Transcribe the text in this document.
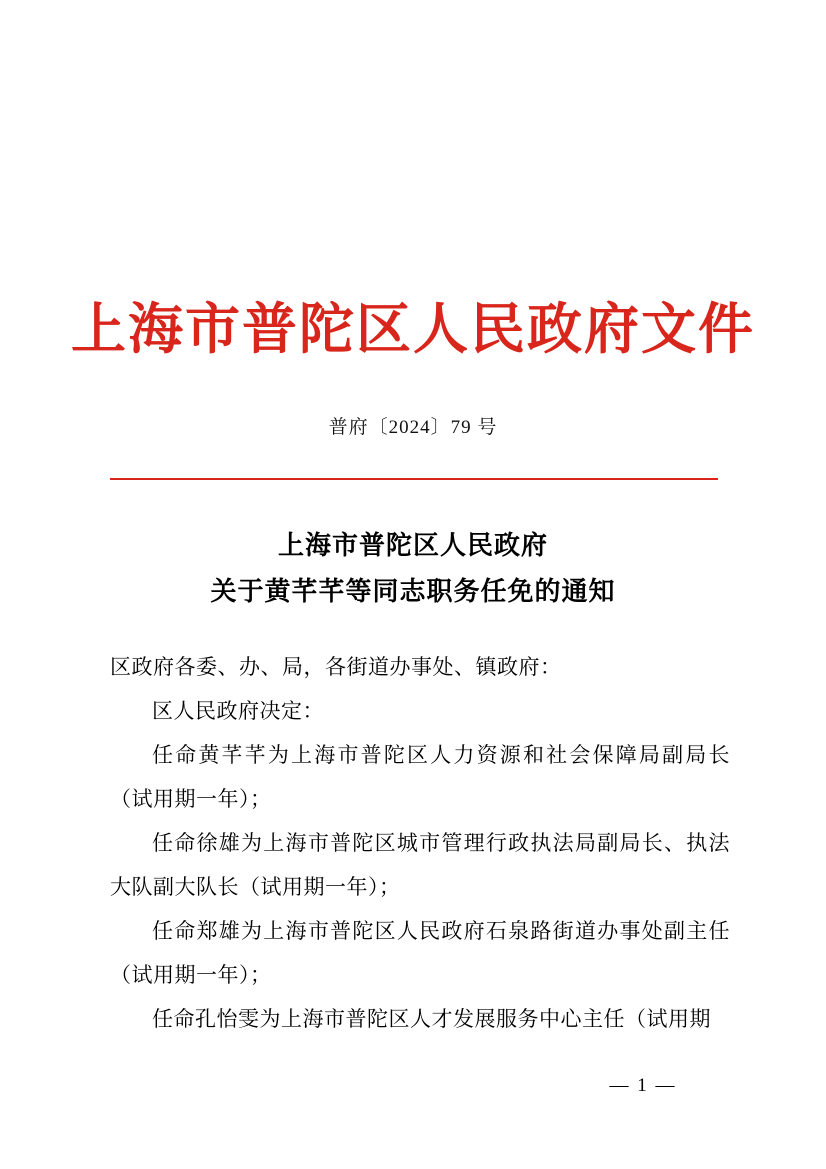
上海市普陀区人民政府文件
普府〔2024〕79 号
上海市普陀区人民政府
关于黄芊芊等同志职务任免的通知

区政府各委、办、局，各街道办事处、镇政府：

区人民政府决定：

任命黄芊芊为上海市普陀区人力资源和社会保障局副局长（试用期一年）；

任命徐雄为上海市普陀区城市管理行政执法局副局长、执法大队副大队长（试用期一年）；

任命郑雄为上海市普陀区人民政府石泉路街道办事处副主任（试用期一年）；

任命孔怡雯为上海市普陀区人才发展服务中心主任（试用期

— 1 —
